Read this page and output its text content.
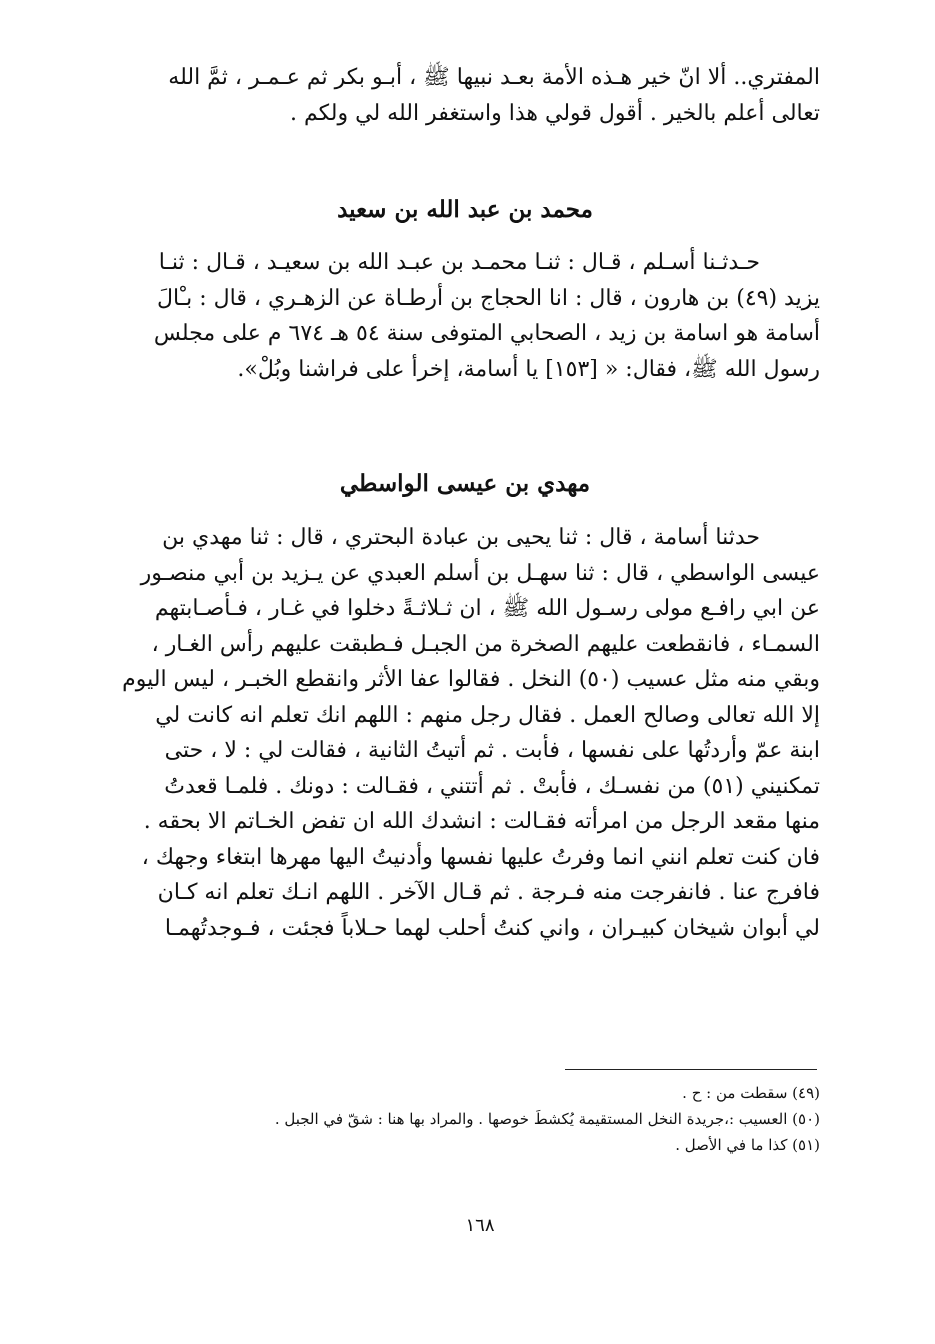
المفتري.. ألا انّ خير هـذه الأمة بعـد نبيها ﷺ ، أبـو بكر ثم عـمـر ، ثمَّ الله

تعالى أعلم بالخير . أقول قولي هذا واستغفر الله لي ولكم .

محمد بن عبد الله بن سعيد

حـدثـنا أسـلم ، قـال : ثنـا محمـد بن عبـد الله بن سعيـد ، قـال : ثنـا

يزيد (٤٩) بن هارون ، قال : انا الحجاج بن أرطـاة عن الزهـري ، قال : بـْالَ

أسامة هو اسامة بن زيد ، الصحابي المتوفى سنة ٥٤ هـ ٦٧٤ م على مجلس

رسول الله ﷺ، فقال: « [١٥٣] يا أسامة، إخرأ على فراشنا وبُلْ».

مهدي بن عيسى الواسطي

حدثنا أسامة ، قال : ثنا يحيى بن عبادة البحتري ، قال : ثنا مهدي بن

عيسى الواسطي ، قال : ثنا سهـل بن أسلم العبدي عن يـزيد بن أبي منصـور

عن ابي رافـع مولى رسـول الله ﷺ ، ان ثـلاثـةً دخلوا في غـار ، فـأصـابتهم

السمـاء ، فانقطعت عليهم الصخرة من الجبـل فـطبقت عليهم رأس الغـار ،

وبقي منه مثل عسيب (٥٠) النخل . فقالوا عفا الأثر وانقطع الخبـر ، ليس اليوم

إلا الله تعالى وصالح العمل . فقال رجل منهم : اللهم انك تعلم انه كانت لي

ابنة عمّ وأردتُها على نفسها ، فأبت . ثم أتيتُ الثانية ، فقالت لي : لا ، حتى

تمكنيني (٥١) من نفسـك ، فأبتْ . ثم أتتني ، فقـالت : دونك . فلمـا قعدتُ

منها مقعد الرجل من امرأته فقـالت : انشدك الله ان تفض الخـاتم الا بحقه .

فان كنت تعلم انني انما وفرتُ عليها نفسها وأدنيتُ اليها مهرها ابتغاء وجهك ،

فافرج عنا . فانفرجت منه فـرجة . ثم قـال الآخر . اللهم انـك تعلم انه كـان

لي أبوان شيخان كبيـران ، واني كنتُ أحلب لهما حـلاباً فجئت ، فـوجدتُهمـا

(٤٩) سقطت من : ح .
(٥٠) العسيب :،جريدة النخل المستقيمة يُكشطَ خوصها . والمراد بها هنا : شقّ في الجبل .
(٥١) كذا ما في الأصل .
١٦٨
